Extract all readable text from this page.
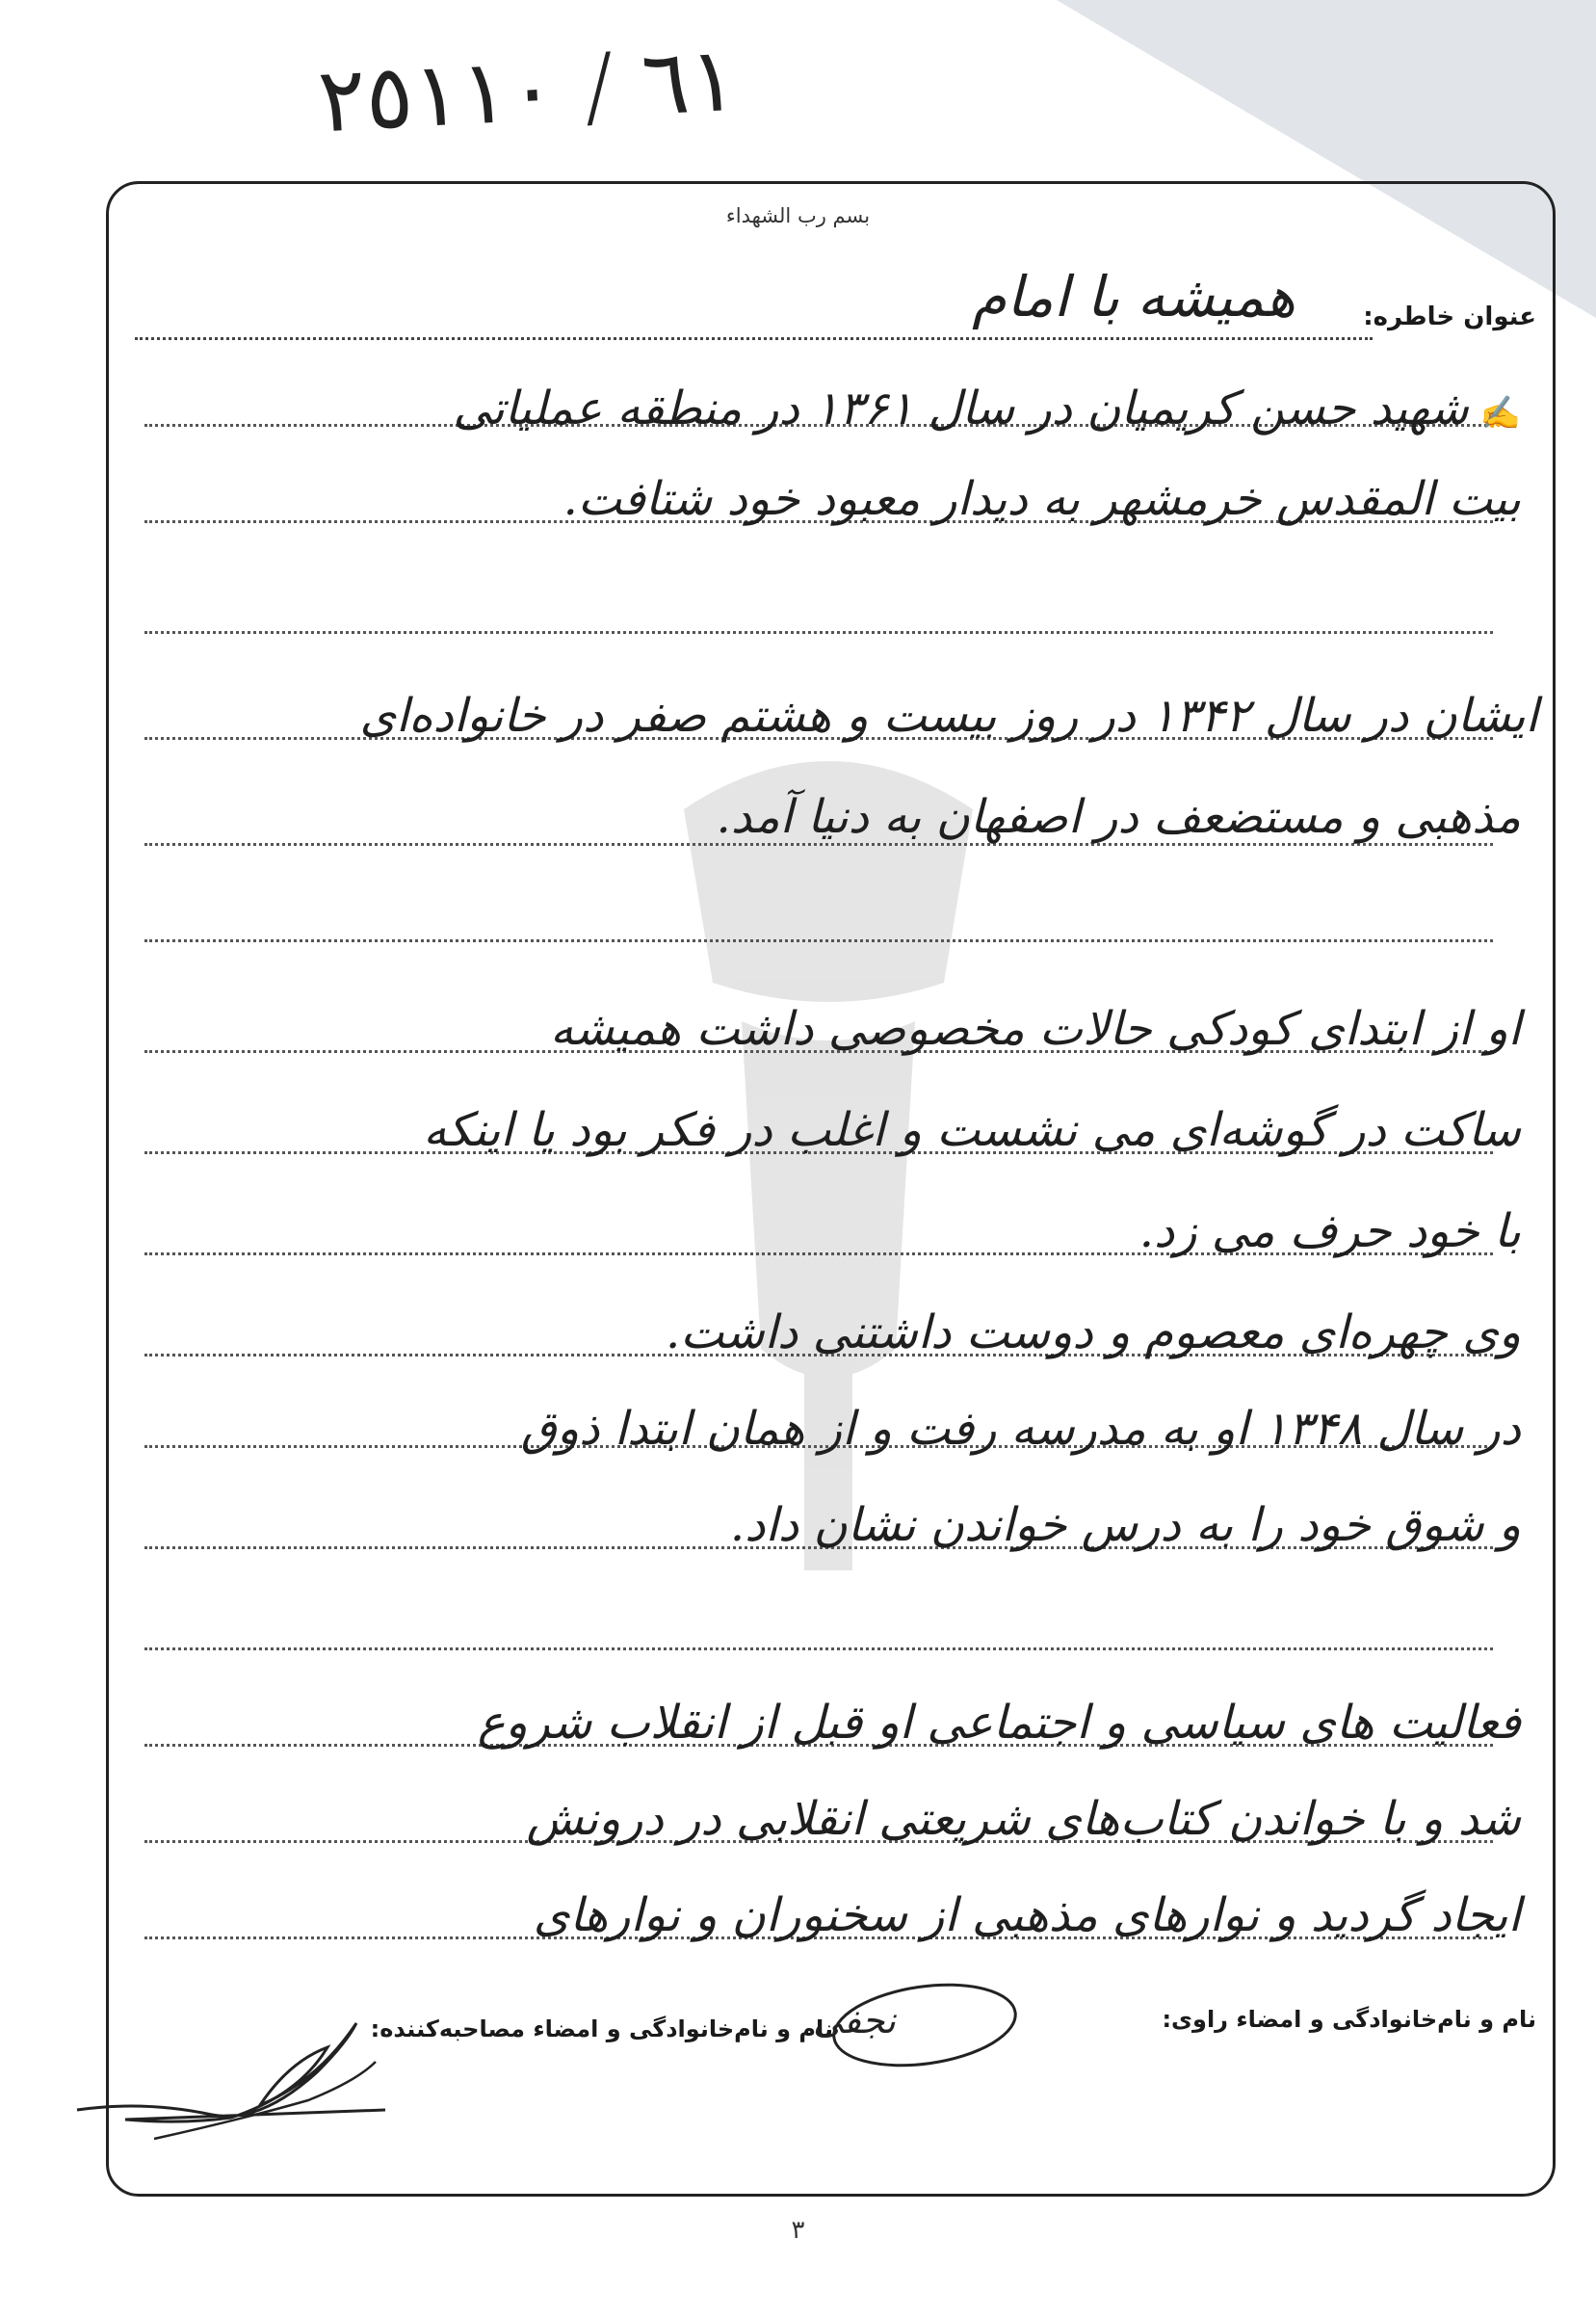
٦١ / ٢٥١١٠
بسم رب الشهداء
عنوان خاطره:
همیشه با امام
✍شهید حسن کریمیان در سال ۱۳۶۱ در منطقه عملیاتی
بیت المقدس خرمشهر به دیدار معبود خود شتافت.
ایشان در سال ۱۳۴۲ در روز بیست و هشتم صفر در خانواده‌ای
مذهبی و مستضعف در اصفهان به دنیا آمد.
او از ابتدای کودکی حالات مخصوصی داشت همیشه
ساکت در گوشه‌ای می نشست و اغلب در فکر بود یا اینکه
با خود حرف می زد.
وی چهره‌ای معصوم و دوست داشتنی داشت.
در سال ۱۳۴۸ او به مدرسه رفت و از همان ابتدا ذوق
و شوق خود را به درس خواندن نشان داد.
فعالیت های سیاسی و اجتماعی او قبل از انقلاب شروع
شد و با خواندن کتاب‌های شریعتی انقلابی در درونش
ایجاد گردید و نوارهای مذهبی از سخنوران و نوارهای
نام و نام‌خانوادگی و امضاء راوی:
نام و نام‌خانوادگی و امضاء مصاحبه‌کننده:
نجفی
۳
